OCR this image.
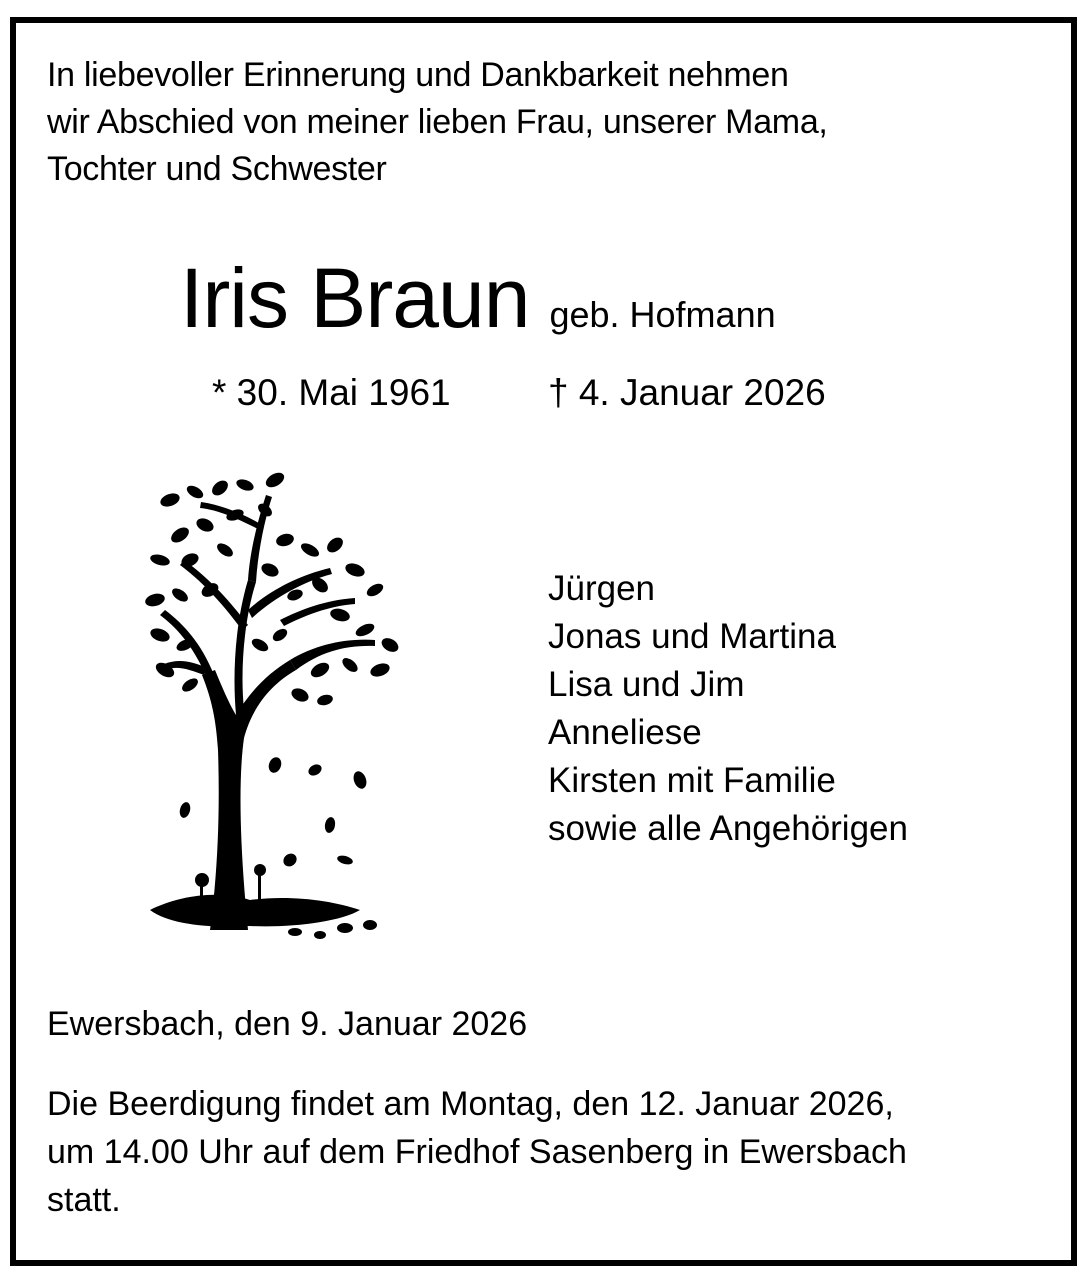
In liebevoller Erinnerung und Dankbarkeit nehmen
wir Abschied von meiner lieben Frau, unserer Mama,
Tochter und Schwester
Iris Braun geb. Hofmann
* 30. Mai 1961	† 4. Januar 2026
Jürgen
Jonas und Martina
Lisa und Jim
Anneliese
Kirsten mit Familie
sowie alle Angehörigen
Ewersbach, den 9. Januar 2026
Die Beerdigung findet am Montag, den 12. Januar 2026,
um 14.00 Uhr auf dem Friedhof Sasenberg in Ewersbach
statt.
